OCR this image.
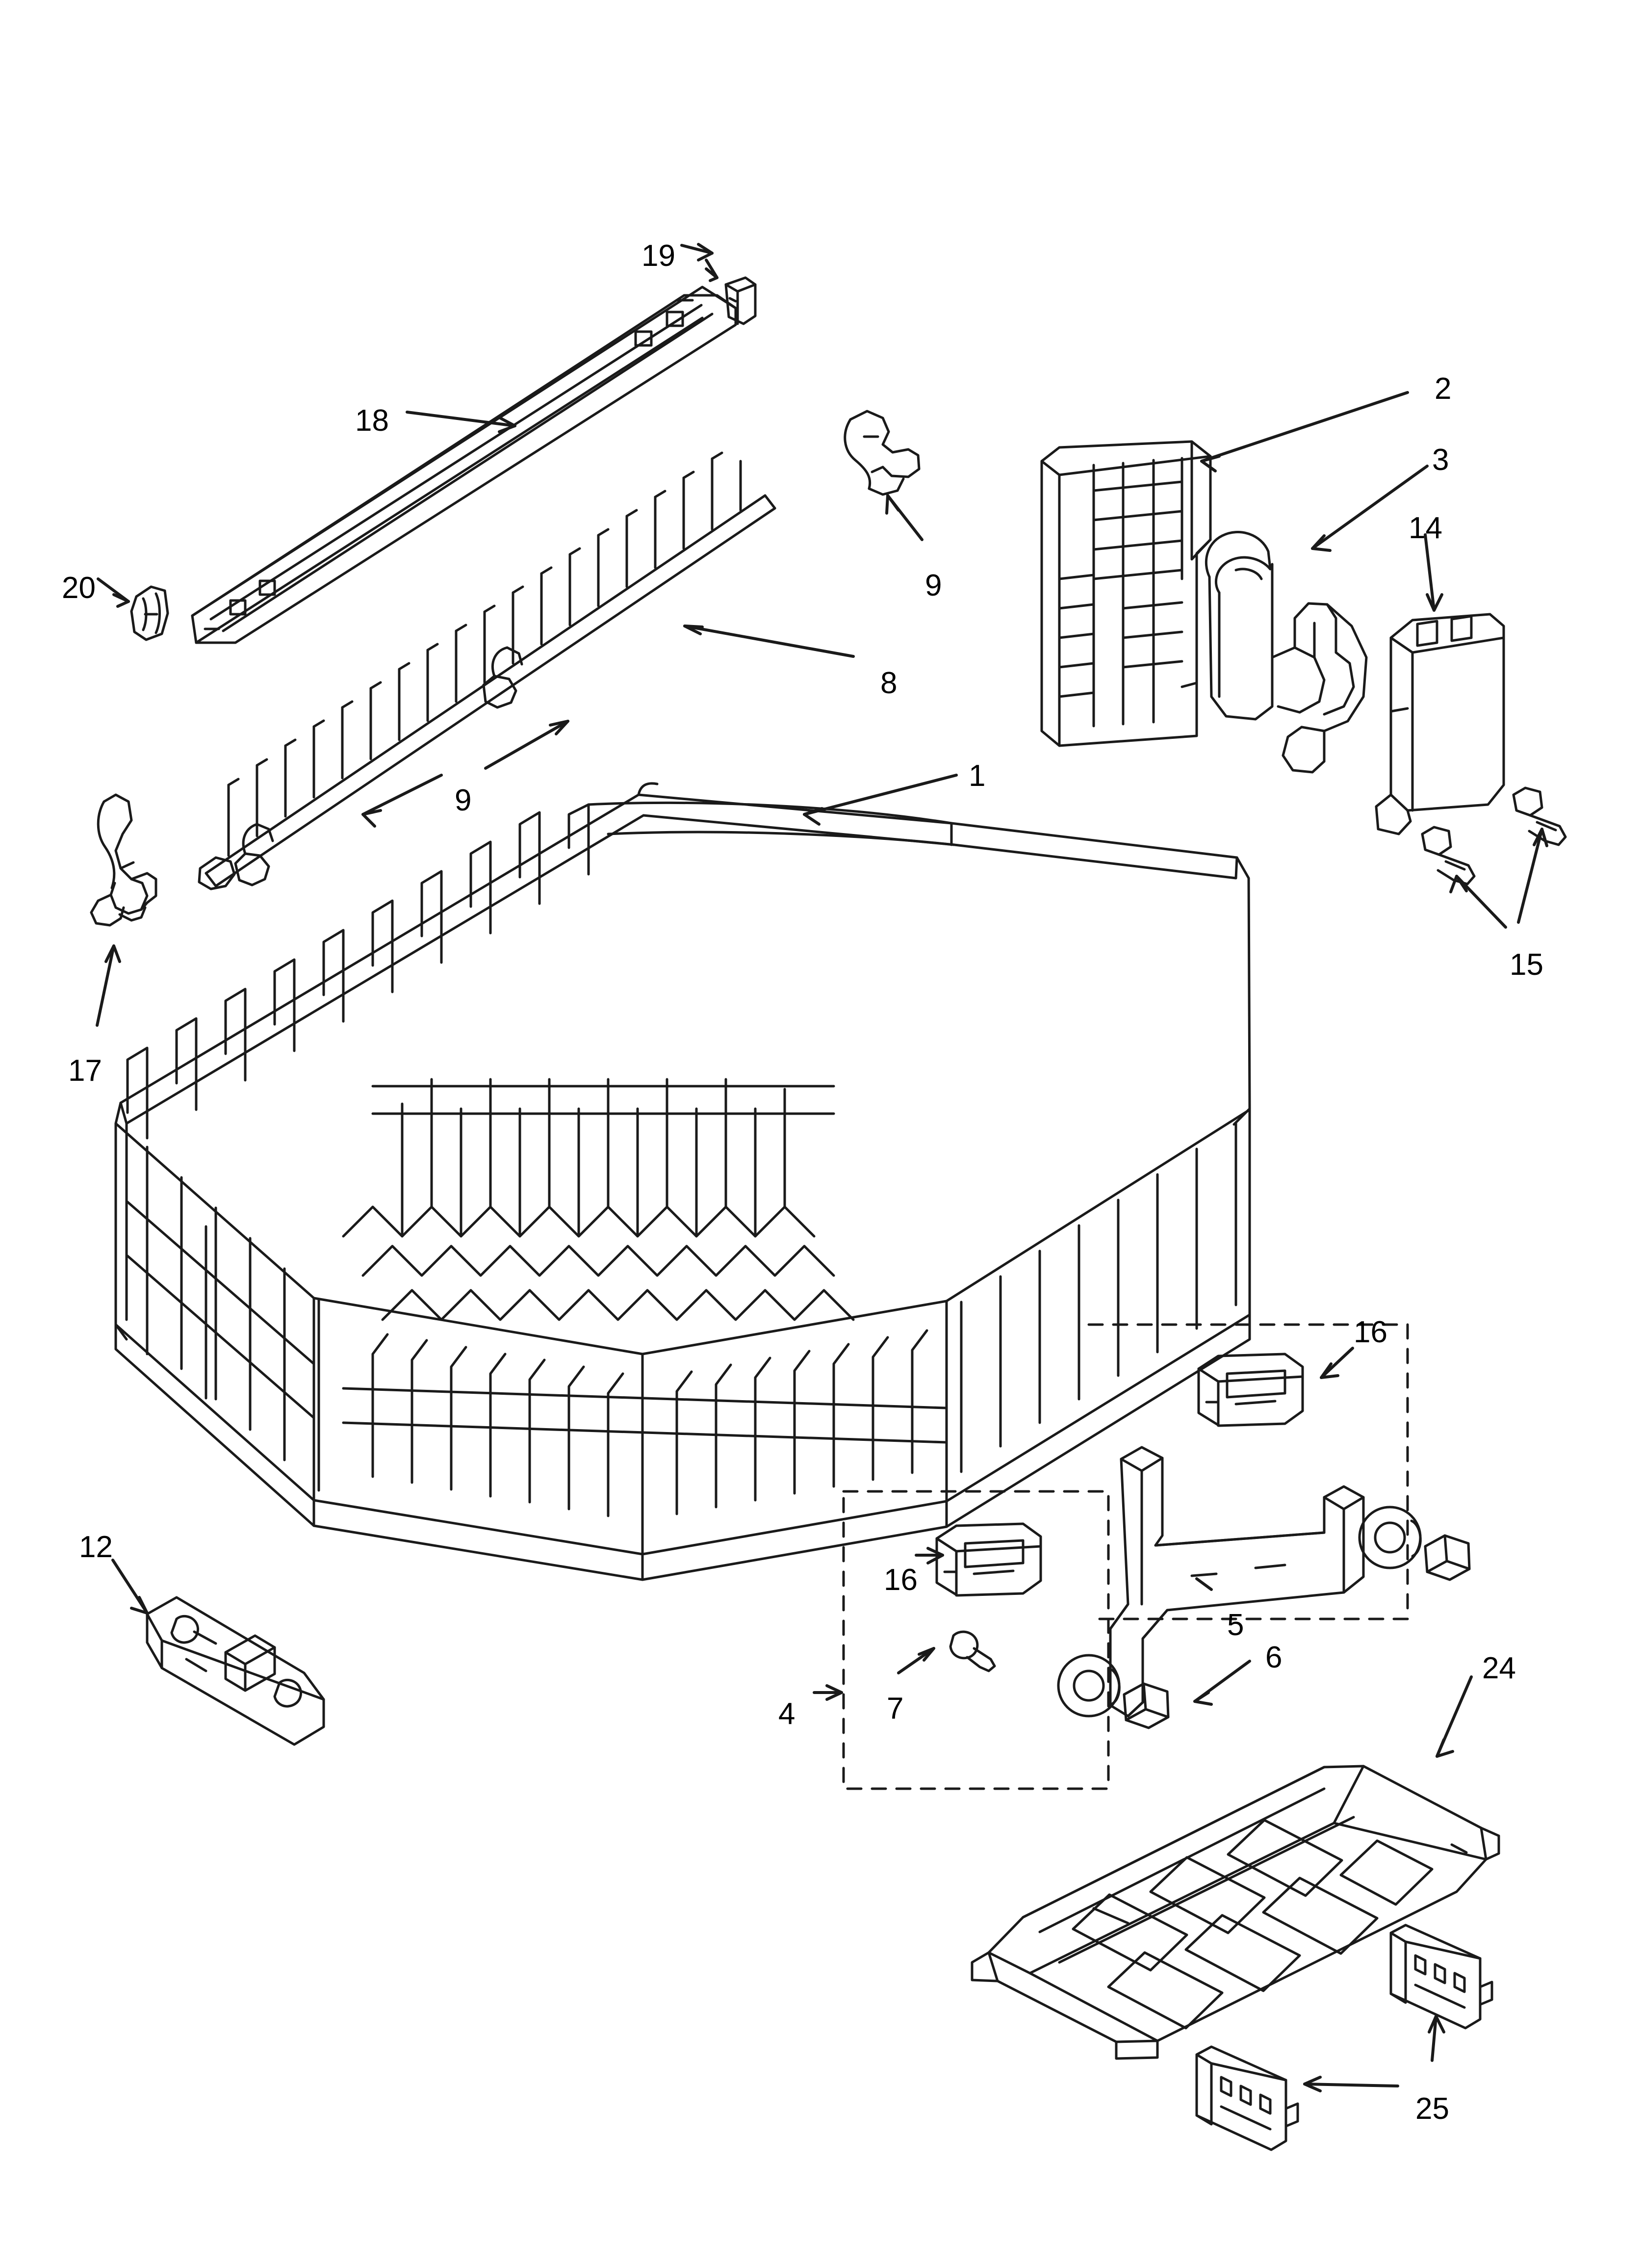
1
2
3
4
5
6
7
8
9
9
12
14
15
16
16
17
18
19
20
24
25
